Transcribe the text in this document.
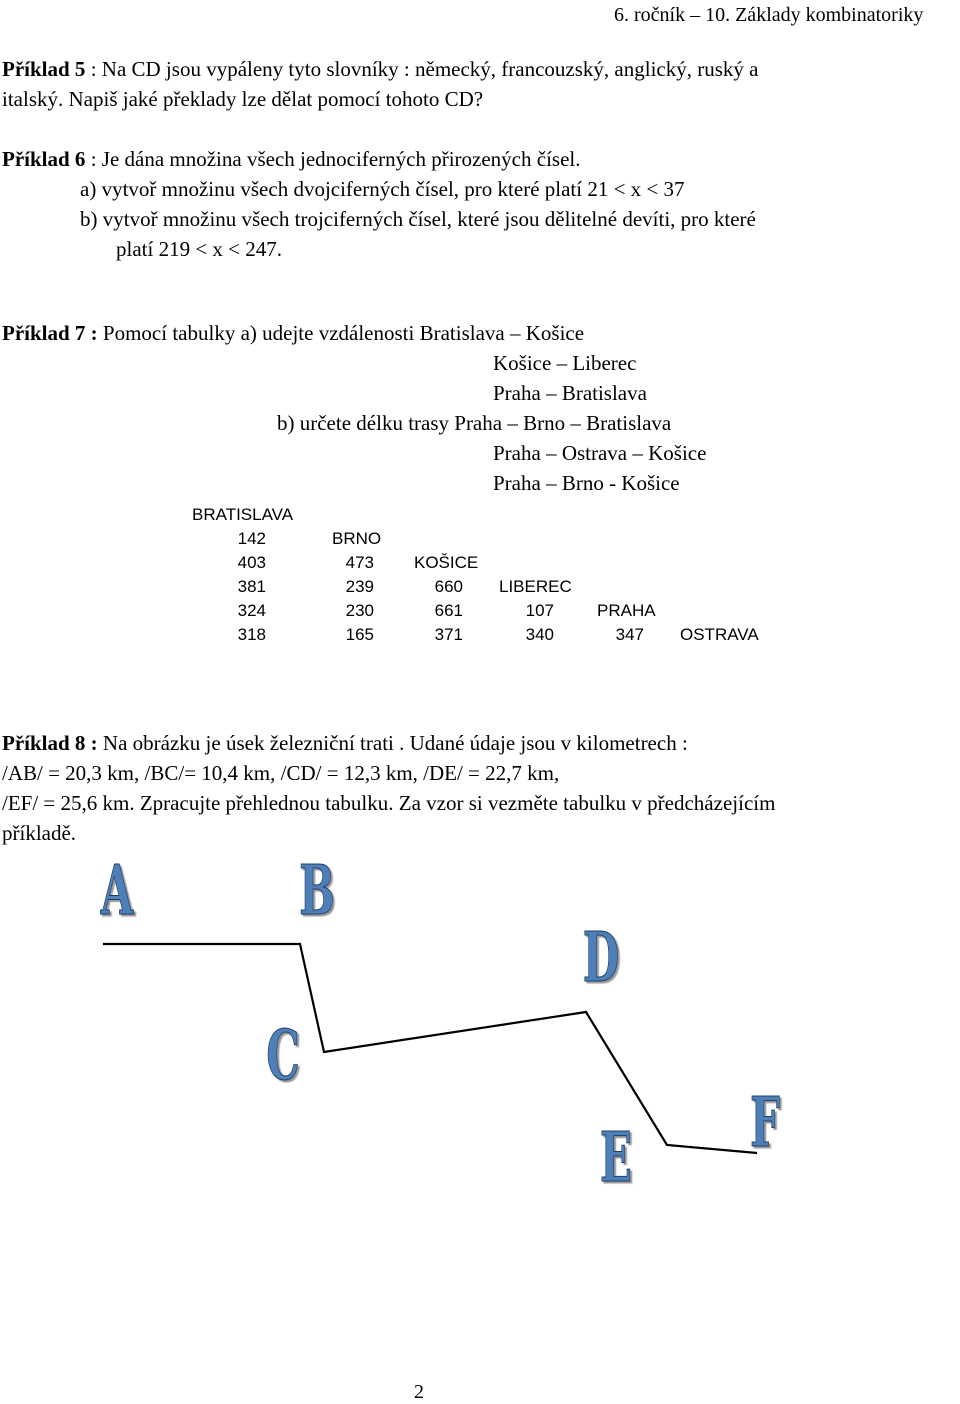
6. ročník – 10. Základy kombinatoriky
Příklad 5 : Na CD jsou vypáleny tyto slovníky : německý, francouzský, anglický, ruský a
italský. Napiš jaké překlady lze dělat pomocí tohoto CD?
Příklad 6 : Je dána množina všech jednociferných přirozených čísel.
a) vytvoř množinu všech dvojciferných čísel, pro které platí 21 < x < 37
b) vytvoř množinu všech trojciferných čísel, které jsou dělitelné devíti, pro které
platí 219 < x < 247.
Příklad 7 : Pomocí tabulky a) udejte vzdálenosti Bratislava – Košice
Košice – Liberec
Praha – Bratislava
b) určete délku trasy Praha – Brno – Bratislava
Praha – Ostrava – Košice
Praha – Brno - Košice
BRATISLAVA
142	BRNO
403	473 KOŠICE
381	239	660 LIBEREC
324	230	661	107	PRAHA
318	165	371	340	347 OSTRAVA
Příklad 8 : Na obrázku je úsek železniční trati . Udané údaje jsou v kilometrech :
/AB/ = 20,3 km, /BC/= 10,4 km, /CD/ = 12,3 km, /DE/ = 22,7 km,
/EF/ = 25,6 km. Zpracujte přehlednou tabulku. Za vzor si vezměte tabulku v předcházejícím
příkladě.
A B
C
D
E F
2
